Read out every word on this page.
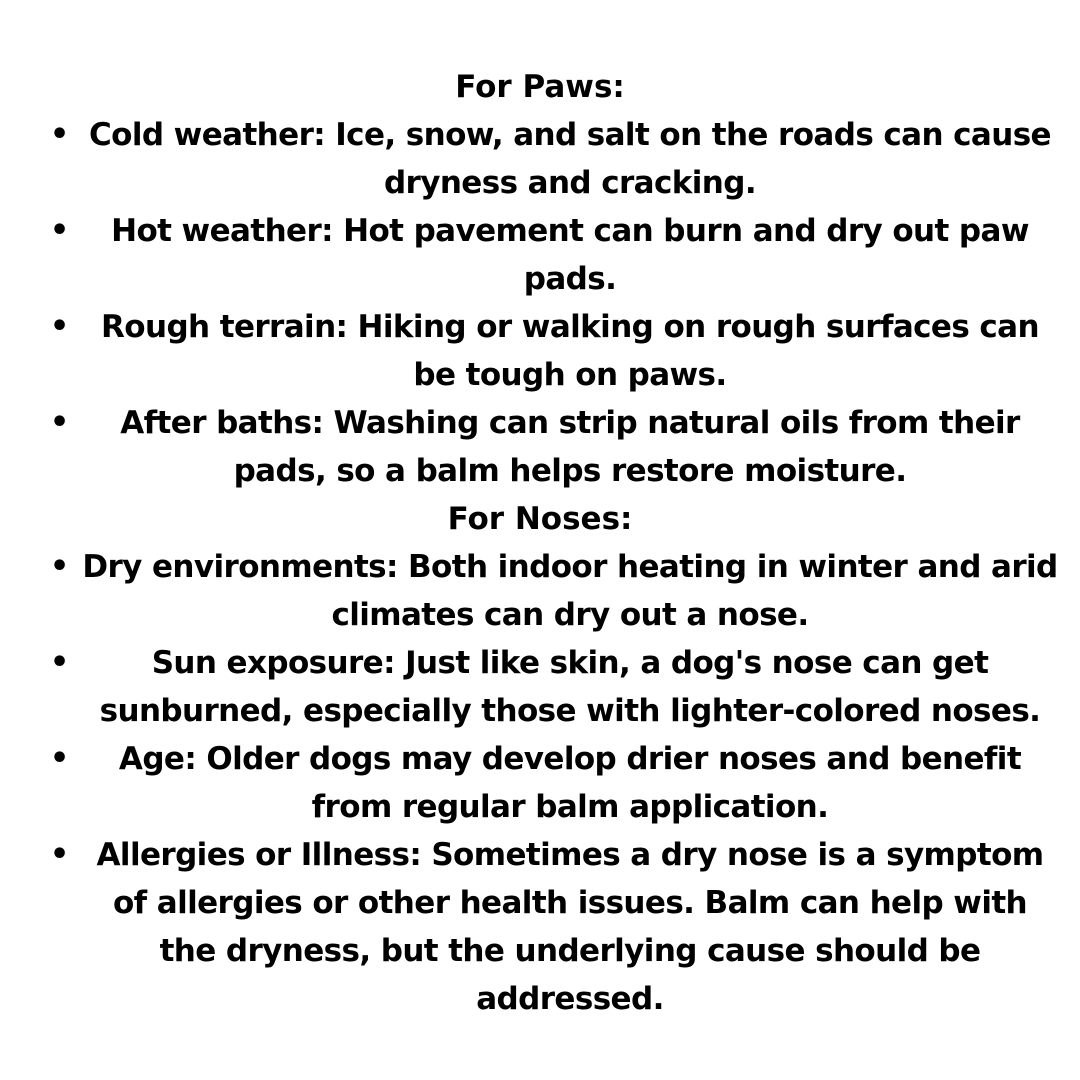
For Paws:
• Cold weather: Ice, snow, and salt on the roads can cause dryness and cracking.
•	Hot weather: Hot pavement can burn and dry out paw pads.
•	Rough terrain: Hiking or walking on rough surfaces can be tough on paws.
•	After baths: Washing can strip natural oils from their pads, so a balm helps restore moisture.
For Noses:
• Dry environments: Both indoor heating in winter and arid climates can dry out a nose.
•	Sun exposure: Just like skin, a dog's nose can get sunburned, especially those with lighter-colored noses.
•	Age: Older dogs may develop drier noses and benefit from regular balm application.
• Allergies or Illness: Sometimes a dry nose is a symptom of allergies or other health issues. Balm can help with the dryness, but the underlying cause should be addressed.
